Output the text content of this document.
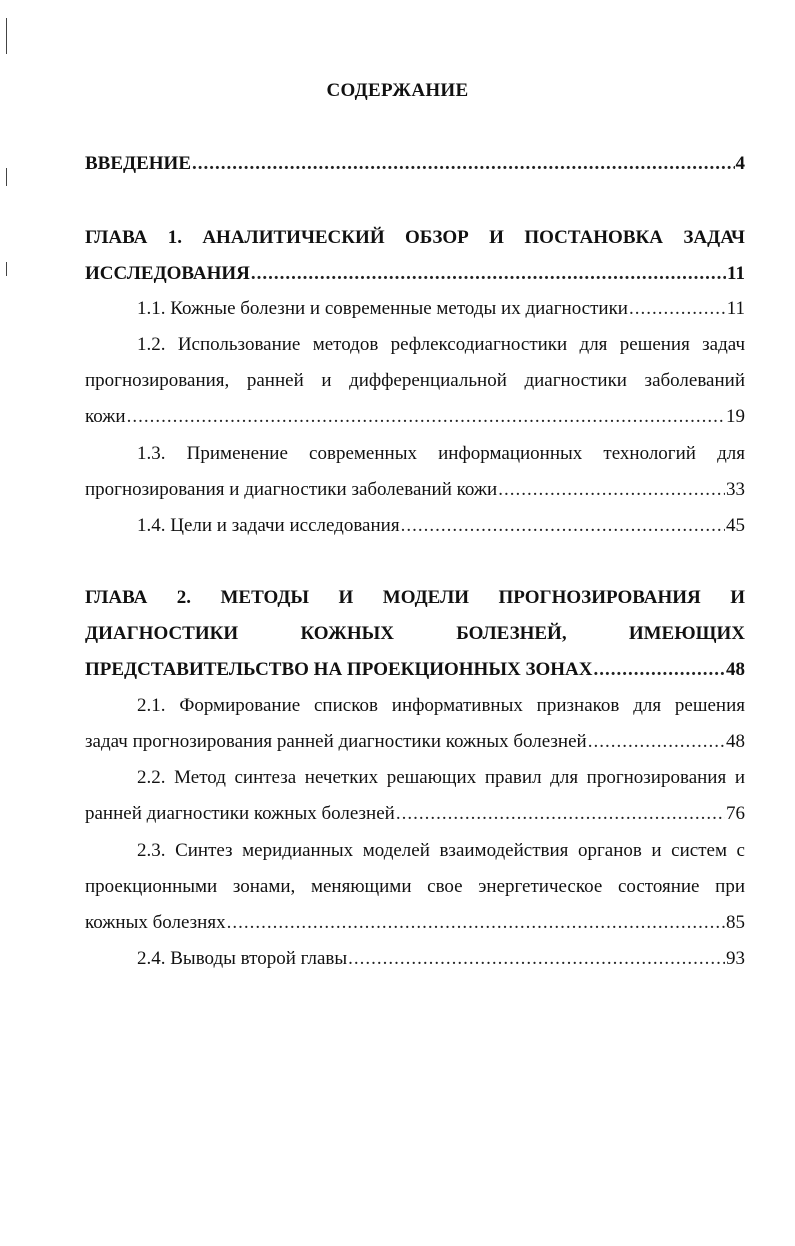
СОДЕРЖАНИЕ
ВВЕДЕНИЕ .....	4
ГЛАВА 1. АНАЛИТИЧЕСКИЙ ОБЗОР И ПОСТАНОВКА ЗАДАЧ
ИССЛЕДОВАНИЯ .....	11
1.1. Кожные болезни и современные методы их диагностики .....	11
1.2. Использование методов рефлексодиагностики для решения задач
прогнозирования, ранней и дифференциальной диагностики заболеваний
кожи .....	19
1.3. Применение современных информационных технологий для
прогнозирования и диагностики заболеваний кожи .....	33
1.4. Цели и задачи исследования .....	45
ГЛАВА 2. МЕТОДЫ И МОДЕЛИ ПРОГНОЗИРОВАНИЯ И
ДИАГНОСТИКИ КОЖНЫХ БОЛЕЗНЕЙ, ИМЕЮЩИХ
ПРЕДСТАВИТЕЛЬСТВО НА ПРОЕКЦИОННЫХ ЗОНАХ .....	48
2.1. Формирование списков информативных признаков для решения
задач прогнозирования ранней диагностики кожных болезней .....	48
2.2. Метод синтеза нечетких решающих правил для прогнозирования и
ранней диагностики кожных болезней .....	76
2.3. Синтез меридианных моделей взаимодействия органов и систем с
проекционными зонами, меняющими свое энергетическое состояние при
кожных болезнях .....	85
2.4. Выводы второй главы .....	93
